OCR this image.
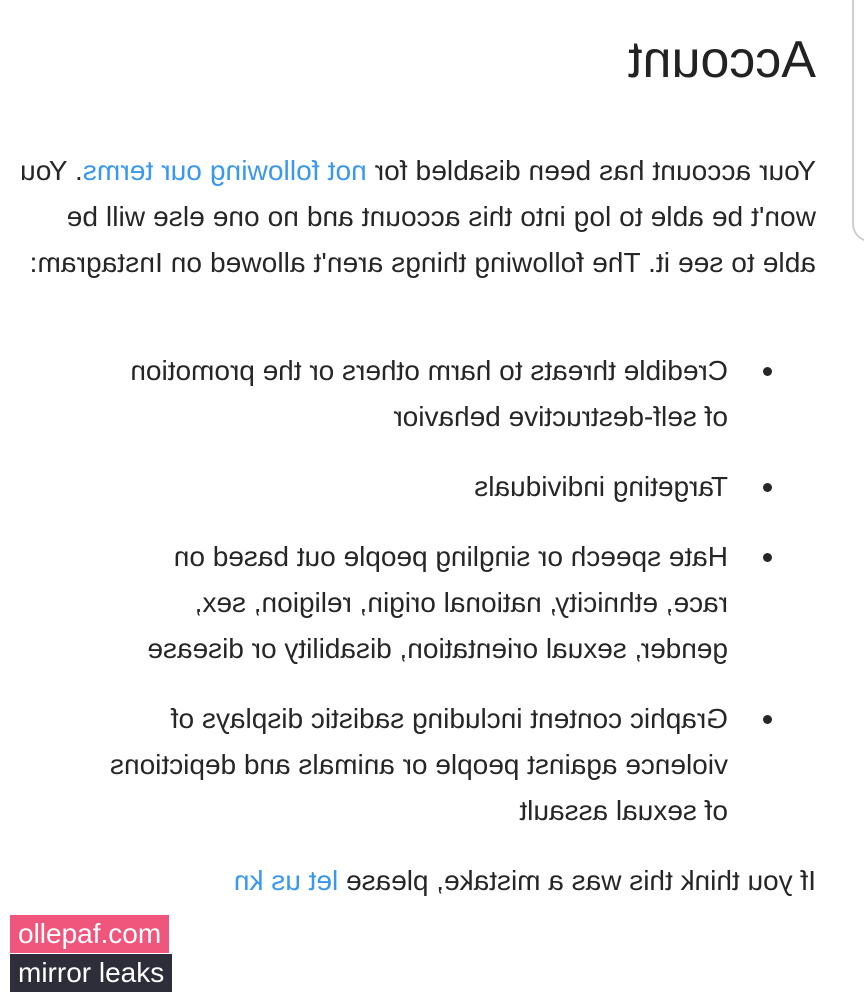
Account

Your account has been disabled for not following our terms. You won't be able to log into this account and no one else will be able to see it. The following things aren't allowed on Instagram:

Credible threats to harm others or the promotion of self-destructive behavior
Targeting individuals
Hate speech or singling people out based on race, ethnicity, national origin, religion, sex, gender, sexual orientation, disability or disease
Graphic content including sadistic displays of violence against people or animals and depictions of sexual assault

If you think this was a mistake, please let us kn

ollepaf.com
mirror leaks
